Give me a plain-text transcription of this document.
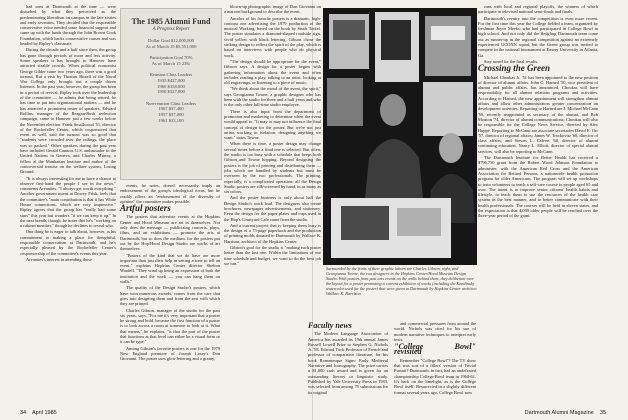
had sons at Dartmouth at the time — were disturbed by what they perceived as the predominating liberalism on campus in the late sixties and early seventies. They decided that the responsible conservative voice needed some financial support and came up with the funds through the John Brown Cook Foundation, which backs conservative causes and was headed by Ripley's classmate.

During the decade and a half since then, the group has gone through periods of more and less activity. Some speakers it has brought to Hanover have attracted sizable crowds. When political economist George Gilder came two years ago, there was a good turnout. But a visit by Thomas Ritzell of the Naval War College only brought out a couple dozen listeners. In the past year, however, the group has been in a period of revival. Ripley took over the leadership of the committee — he admits that being retired, he has time to put into organizational matters — and he has attracted a prominent roster of speakers. Edward Rollins, manager of the Reagan-Bush reelection campaign, came to Hanover just a few weeks before the November election. Frank Smallwood '51, director of the Rockefeller Center, which cosponsored that event as well, said the turnout was so good that "students were crowded over the railings, the place was so packed." Other speakers during the past year have included Gerald Cannon, U.S. ambassador to the United Nations in Geneva, and Charles Murray, a fellow at the Manhattan Institute and author of the controversial treatise on the welfare system, Losing Ground.

"It is always interesting for me to have a chance to observe first-hand the people I see in the news," comments Arvanites. "I always get worth everything." Another government intern at Dowey Frisk, feels that the committee's "main contribution is that it has White House connections, which are very impressive." Ripley agrees that the group has "really had some stars" this year but wonders "if we can keep it up." In the next breath, though, he notes that he's "working on a cabinet member," though he declines to reveal who.

One thing he is eager to talk about, however, is his commitment to making a place for thoughtful, responsible conservatism at Dartmouth, and he's especially pleased by the Rockefeller Center's cosponsorship of the committee's events this year.

Arvanites's interest in attending those

The 1985 Alumni Fund
A Progress Report
Dollar Goal $12,000,000
As of March 15 $5,551,000
Participation Goal 70%
As of March 15 23%
Reunion Class Leaders
1935 $427,000
1960 $358,000
1950 $327,000
Non-reunion Class Leaders
1967 $37,400
1957 $37,000
1961 $33,100

events, he notes, doesn't necessarily imply an endorsement of the group's ideological focus, but he readily offers an "endorsement of the diversity of opinion" the committee makes possible.

Artful posters

The posters that advertise events at the Hopkins Center and Hood Museum are art in themselves. Not only does the message — publicizing concerts, plays, films, and art exhibitions — promote the arts at Dartmouth, but so does the medium, for the posters put out by the Hop/Hood Design Studio are works of art themselves.

"Posters of the kind that we do have are more important than just their help in setting a tone to tell an event," explains Hopkins Center director Shelton Wardell. "They wind up being an expression of both the institution and the work — you can hang them on walls."

The quality of the Design Studio's posters, which have won numerous awards, comes from the care that goes into designing them and from the zest with which they are printed.

Charles Gibson, manager of the studio for the past six years, says, "For me it's very important that a poster be strong and bold, because the first function of a poster is to look across a room at someone to look at it. What that means," he explains, "is that the part of the poster that functions at that level can either be a visual form or it can be type."

Among Gibson's favorite posters is one for the 1979 New England premiere of Joseph Losey's Don Giovanni. The poster uses glow lettering and a grainy,

blown-up photographic image of Don Giovanni on a maroon background to describe the event.

Another of his favorite posters is a dramatic, high-contrast one advertising the 1979 production of the musical Working, based on the book by Studs Terkel. The poster simulates a diamond-shaped roadside sign, vivid yellow with black lettering. Gibson chose the striking design to reflect the spirit of the play, which is based on interviews with people who do physical work.

"The design should be appropriate for the event," Gibson says. A design for a poster begins with gathering information about the event and often includes reading a play, talking to an artist, looking at old engravings, or listening to a piece of music.

"We think about the mood of the event, the spirit," says Georgianna Towne, a graphic designer who has been with the studio for three and a half years and who is the only other full-time studio employee.

There is also input from the department of promotion and marketing to determine when the event would appeal to. "It may or may not influence the final concept of design for the poster. But we're not just artists working in isolation, designing anything we want," notes Towne.

When there is time, a poster design may change several times before a final one is selected. But often, the studio is too busy with a schedule that keeps both Gibson and Towne hopping. Beyond designing the posters is the job of printing and distributing them — jobs which are handled by students but must be overseen by the two professionals. The printing, especially, is a complicated operation; all the Design Studio posters are silk-screened by hand, in as many as six colors.

And the poster business is only about half the Design Studio's work load. The designers also create brochures, newspaper advertisements, and stationery. Even the design for the paper plates and cups used in the Hop's Courtyard Cafe came from the studio.

And a current project that is keeping them busy is the design of a 75-page paperback and the production of printing molds donated to Dartmouth by Wallace K. Harrison, architect of the Hopkins Center.

Gibson's goal for the studio is "making each poster better than the last one. Within the limitations of our time schedule and budget, we want to do the best job we can."

Surrounded by the fruits of their graphic labors are Charles Gibson, right, and Georgianna Towne, the two designers in the Hopkins Center/Hood Museum Design Studio. With posters from past arts events on the walls behind them, they deliberate over the layout for a poster promoting a current exhibition of works (including the Kandinsky watercolor used for the poster) that were given to Dartmouth by Hopkins Center architect Wallace K. Harrison.
Faculty news

The Modern Language Association of America has awarded its 19th annual James Russell Lowell Prize to Stephen G. Nichols Jr. '58, Edward Tuck Professor of French and professor of comparative literature, for his book Romanesque Signs: Early Medieval Narrative and Iconography. The prize carries a $1,000 cash award and is given for an outstanding literary or linguistic study. Published by Yale University Press in 1983, was selected from among 79 submissions for its original

and commercial pressures from around the world. Nichols was cited for his use of modern narrative techniques to interpret early texts.

"College Bowl" revisited

Remember "College Bowl"? The TV show that was sort of a fillers' version of Trivial Pursuit? Dartmouth, in fact, had an undefeated championship College Bowl team in 1960-61. It's back on the limelight, as is the College Bowl itself. Resurrected in a slightly different format several years ago, College Bowl now

runs with local and regional playoffs, the winners of which participate in televised national semi-finals and finals.

Dartmouth's reentry into the competition is even more recent. For the first time this year the College fielded a team, organized by freshman Joyce Meeks, who had participated in College Bowl in high school. And not only did the fledgling Dartmouth team come out as runner-up in the regional competition against an extremely experienced UCONN squad, but the Green group was invited to compete in the national tournament at Emory University in Atlanta, Ga.

Stay tuned for the final results.

Crossing the Green

Michael Choukas Jr. '51 has been appointed to the new position of director of alumni affairs. John C. Harned '50, vice president of alumni and public affairs, has announced. Choukas will have responsibility for all alumni relations programs and activities. According to Harned, the new appointment will strengthen alumni affairs and allow other administrators greater concentration on development activities. Reporting to Harned are J. Michael McCann '50, recently reappointed as secretary of the alumni, and Bob Mouton '74, director of alumni communications; Choukas will also be responsible for the College News Service, directed by Alex Huppé. Reporting to McCann are associate secretaries David E. Orr '57, director of regional affairs; James W. Trockovitz '68, director of class affairs; and Steven L. Calvert '68, director of alumni continuing education. Nancy L. Elliott, director of special alumni services, will also be reporting to McCann.

The Dartmouth Institute for Better Health has received a $796,750 grant from the Robert Wood Johnson Foundation to administer, with the American Red Cross and the American Association for Retired Persons, a nationwide health promotion program for older Americans. The program will set up workshops to train volunteers to teach a self-care course to people aged 65 and over. The intent is to improve senior citizens' health habits and lifestyle, to teach them to use the resources of the health care system in the best manner, and to better communicate with their health professionals. The courses will be held in eleven states, and the expectation is that 4,000 older people will be reached over the three-year period of the grant.

34 April 1985	Dartmouth Alumni Magazine 35
